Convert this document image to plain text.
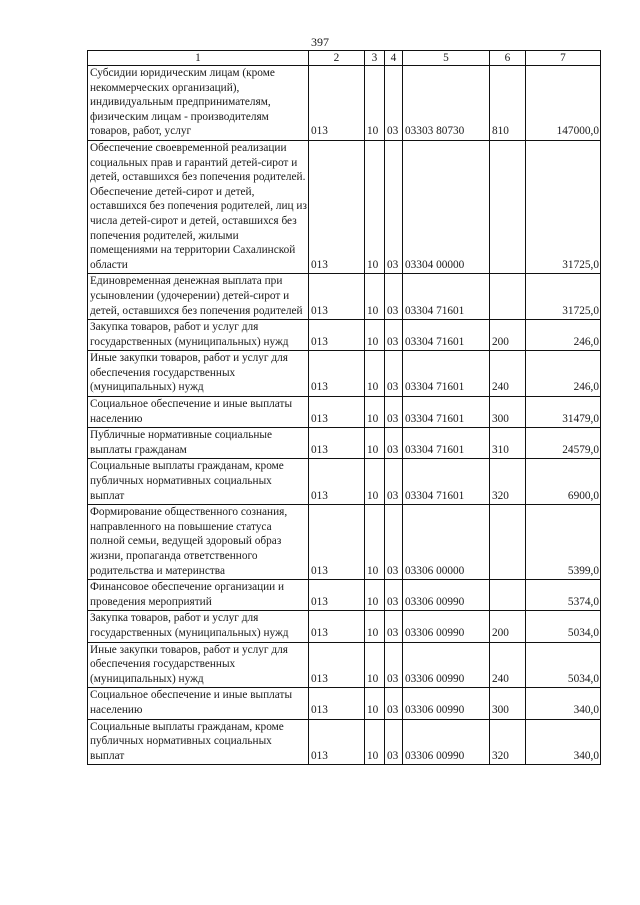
397
1	2	3	4	5	6	7
Субсидии юридическим лицам (кроме некоммерческих организаций), индивидуальным предпринимателям, физическим лицам - производителям товаров, работ, услуг	013	10	03	03303 80730	810	147000,0
Обеспечение своевременной реализации социальных прав и гарантий детей-сирот и детей, оставшихся без попечения родителей. Обеспечение детей-сирот и детей, оставшихся без попечения родителей, лиц из числа детей-сирот и детей, оставшихся без попечения родителей, жилыми помещениями на территории Сахалинской области	013	10	03	03304 00000		31725,0
Единовременная денежная выплата при усыновлении (удочерении) детей-сирот и детей, оставшихся без попечения родителей	013	10	03	03304 71601		31725,0
Закупка товаров, работ и услуг для государственных (муниципальных) нужд	013	10	03	03304 71601	200	246,0
Иные закупки товаров, работ и услуг для обеспечения государственных (муниципальных) нужд	013	10	03	03304 71601	240	246,0
Социальное обеспечение и иные выплаты населению	013	10	03	03304 71601	300	31479,0
Публичные нормативные социальные выплаты гражданам	013	10	03	03304 71601	310	24579,0
Социальные выплаты гражданам, кроме публичных нормативных социальных выплат	013	10	03	03304 71601	320	6900,0
Формирование общественного сознания, направленного на повышение статуса полной семьи, ведущей здоровый образ жизни, пропаганда ответственного родительства и материнства	013	10	03	03306 00000		5399,0
Финансовое обеспечение организации и проведения мероприятий	013	10	03	03306 00990		5374,0
Закупка товаров, работ и услуг для государственных (муниципальных) нужд	013	10	03	03306 00990	200	5034,0
Иные закупки товаров, работ и услуг для обеспечения государственных (муниципальных) нужд	013	10	03	03306 00990	240	5034,0
Социальное обеспечение и иные выплаты населению	013	10	03	03306 00990	300	340,0
Социальные выплаты гражданам, кроме публичных нормативных социальных выплат	013	10	03	03306 00990	320	340,0
